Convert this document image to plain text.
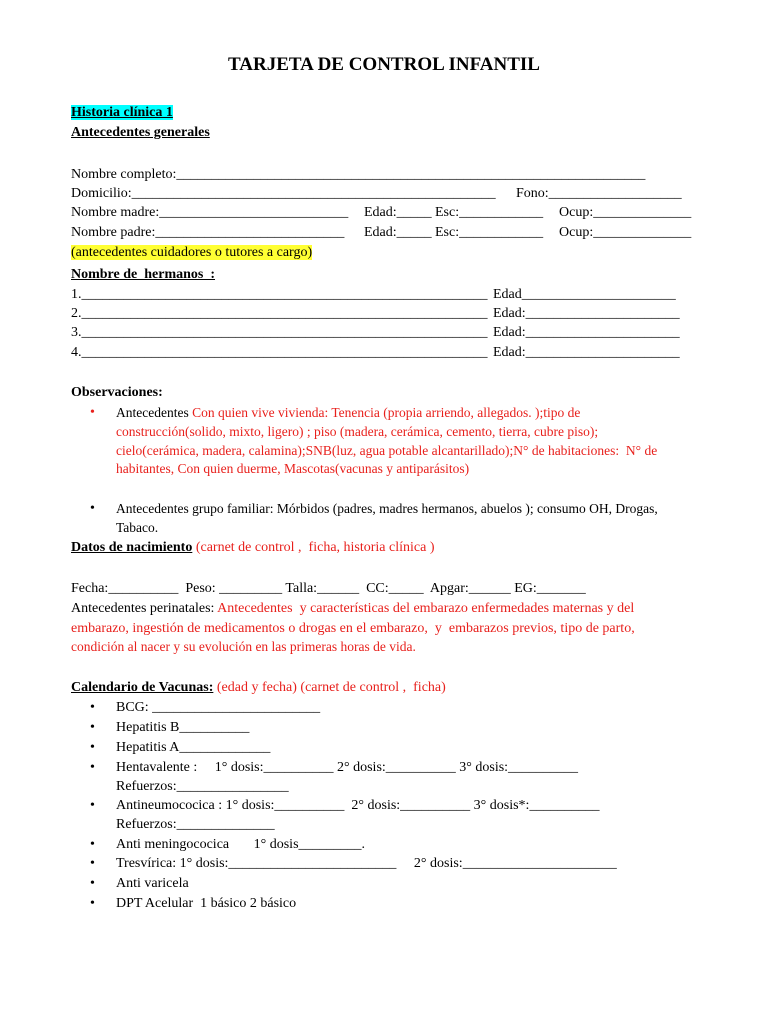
TARJETA DE CONTROL INFANTIL
Historia clínica 1
Antecedentes generales
Nombre completo:___________________________________________________________________
Domicilio:____________________________________________________ Fono:___________________
Nombre madre:___________________________ Edad:_____ Esc:____________ Ocup:______________
Nombre padre:___________________________ Edad:_____ Esc:____________ Ocup:______________
(antecedentes cuidadores o tutores a cargo)
Nombre de  hermanos  :
1.__________________________________________________________ Edad______________________
2.__________________________________________________________ Edad:______________________
3.__________________________________________________________ Edad:______________________
4.__________________________________________________________ Edad:______________________
Observaciones:
• Antecedentes Con quien vive vivienda: Tenencia (propia arriendo, allegados. );tipo de
construcción(solido, mixto, ligero) ; piso (madera, cerámica, cemento, tierra, cubre piso);
cielo(cerámica, madera, calamina);SNB(luz, agua potable alcantarillado);N° de habitaciones:  N° de
habitantes, Con quien duerme, Mascotas(vacunas y antiparásitos)
• Antecedentes grupo familiar: Mórbidos (padres, madres hermanos, abuelos ); consumo OH, Drogas,
Tabaco.
Datos de nacimiento (carnet de control ,  ficha, historia clínica )
Fecha:__________  Peso: _________ Talla:______  CC:_____  Apgar:______ EG:_______
Antecedentes perinatales: Antecedentes  y características del embarazo enfermedades maternas y del
embarazo, ingestión de medicamentos o drogas en el embarazo,  y  embarazos previos, tipo de parto,
condición al nacer y su evolución en las primeras horas de vida.
Calendario de Vacunas: (edad y fecha) (carnet de control ,  ficha)
• BCG: ________________________
• Hepatitis B__________
• Hepatitis A_____________
• Hentavalente :     1° dosis:__________ 2° dosis:__________ 3° dosis:__________
Refuerzos:________________
• Antineumococica : 1° dosis:__________  2° dosis:__________ 3° dosis*:__________
Refuerzos:______________
• Anti meningococica       1° dosis_________.
• Tresvírica: 1° dosis:________________________     2° dosis:______________________
• Anti varicela
• DPT Acelular  1 básico 2 básico
